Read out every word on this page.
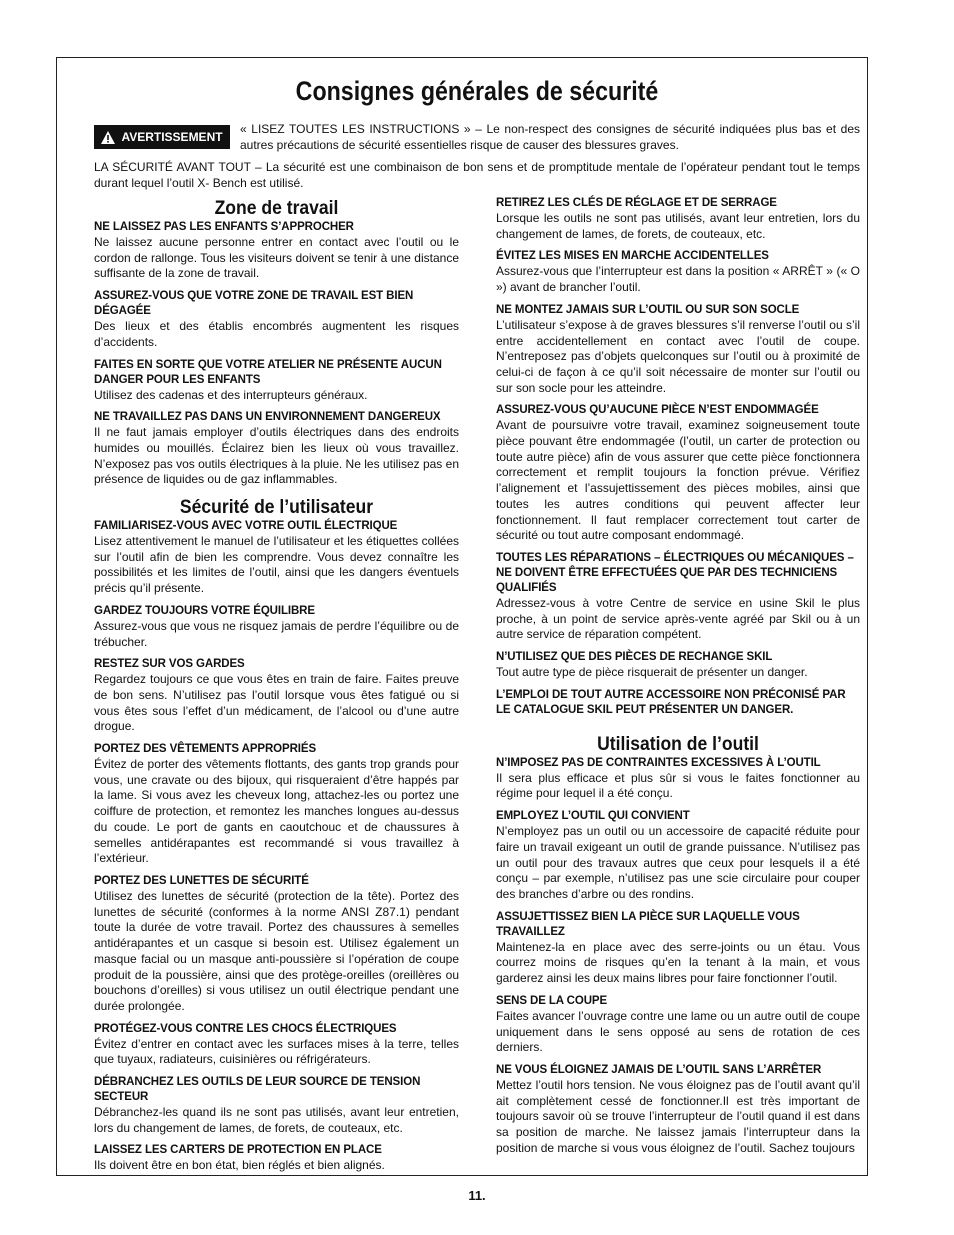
Consignes générales de sécurité
AVERTISSEMENT
« LISEZ TOUTES LES INSTRUCTIONS » – Le non-respect des consignes de sécurité indiquées plus bas et des autres précautions de sécurité essentielles risque de causer des blessures graves.
LA SÉCURITÉ AVANT TOUT – La sécurité est une combinaison de bon sens et de promptitude mentale de l’opérateur pendant tout le temps durant lequel l’outil X- Bench est utilisé.
Zone de travail
NE LAISSEZ PAS LES ENFANTS S’APPROCHER
Ne laissez aucune personne entrer en contact avec l’outil ou le cordon de rallonge. Tous les visiteurs doivent se tenir à une distance suffisante de la zone de travail.
ASSUREZ-VOUS QUE VOTRE ZONE DE TRAVAIL EST BIEN DÉGAGÉE
Des lieux et des établis encombrés augmentent les risques d’accidents.
FAITES EN SORTE QUE VOTRE ATELIER NE PRÉSENTE AUCUN DANGER POUR LES ENFANTS
Utilisez des cadenas et des interrupteurs généraux.
NE TRAVAILLEZ PAS DANS UN ENVIRONNEMENT DANGEREUX
Il ne faut jamais employer d’outils électriques dans des endroits humides ou mouillés. Éclairez bien les lieux où vous travaillez. N’exposez pas vos outils électriques à la pluie. Ne les utilisez pas en présence de liquides ou de gaz inflammables.
Sécurité de l’utilisateur
FAMILIARISEZ-VOUS AVEC VOTRE OUTIL ÉLECTRIQUE
Lisez attentivement le manuel de l’utilisateur et les étiquettes collées sur l’outil afin de bien les comprendre. Vous devez connaître les possibilités et les limites de l’outil, ainsi que les dangers éventuels précis qu’il présente.
GARDEZ TOUJOURS VOTRE ÉQUILIBRE
Assurez-vous que vous ne risquez jamais de perdre l’équilibre ou de trébucher.
RESTEZ SUR VOS GARDES
Regardez toujours ce que vous êtes en train de faire. Faites preuve de bon sens. N’utilisez pas l’outil lorsque vous êtes fatigué ou si vous êtes sous l’effet d’un médicament, de l’alcool ou d’une autre drogue.
PORTEZ DES VÊTEMENTS APPROPRIÉS
Évitez de porter des vêtements flottants, des gants trop grands pour vous, une cravate ou des bijoux, qui risqueraient d’être happés par la lame. Si vous avez les cheveux long, attachez-les ou portez une coiffure de protection, et remontez les manches longues au-dessus du coude. Le port de gants en caoutchouc et de chaussures à semelles antidérapantes est recommandé si vous travaillez à l’extérieur.
PORTEZ DES LUNETTES DE SÉCURITÉ
Utilisez des lunettes de sécurité (protection de la tête). Portez des lunettes de sécurité (conformes à la norme ANSI Z87.1) pendant toute la durée de votre travail. Portez des chaussures à semelles antidérapantes et un casque si besoin est. Utilisez également un masque facial ou un masque anti-poussière si l’opération de coupe produit de la poussière, ainsi que des protège-oreilles (oreillères ou bouchons d’oreilles) si vous utilisez un outil électrique pendant une durée prolongée.
PROTÉGEZ-VOUS CONTRE LES CHOCS ÉLECTRIQUES
Évitez d’entrer en contact avec les surfaces mises à la terre, telles que tuyaux, radiateurs, cuisinières ou réfrigérateurs.
DÉBRANCHEZ LES OUTILS DE LEUR SOURCE DE TENSION SECTEUR
Débranchez-les quand ils ne sont pas utilisés, avant leur entretien, lors du changement de lames, de forets, de couteaux, etc.
LAISSEZ LES CARTERS DE PROTECTION EN PLACE
Ils doivent être en bon état, bien réglés et bien alignés.
RETIREZ LES CLÉS DE RÉGLAGE ET DE SERRAGE
Lorsque les outils ne sont pas utilisés, avant leur entretien, lors du changement de lames, de forets, de couteaux, etc.
ÉVITEZ LES MISES EN MARCHE ACCIDENTELLES
Assurez-vous que l’interrupteur est dans la position « ARRÊT » (« O ») avant de brancher l’outil.
NE MONTEZ JAMAIS SUR L’OUTIL OU SUR SON SOCLE
L’utilisateur s’expose à de graves blessures s’il renverse l’outil ou s’il entre accidentellement en contact avec l’outil de coupe. N’entreposez pas d’objets quelconques sur l’outil ou à proximité de celui-ci de façon à ce qu’il soit nécessaire de monter sur l’outil ou sur son socle pour les atteindre.
ASSUREZ-VOUS QU’AUCUNE PIÈCE N’EST ENDOMMAGÉE
Avant de poursuivre votre travail, examinez soigneusement toute pièce pouvant être endommagée (l’outil, un carter de protection ou toute autre pièce) afin de vous assurer que cette pièce fonctionnera correctement et remplit toujours la fonction prévue. Vérifiez l’alignement et l’assujettissement des pièces mobiles, ainsi que toutes les autres conditions qui peuvent affecter leur fonctionnement. Il faut remplacer correctement tout carter de sécurité ou tout autre composant endommagé.
TOUTES LES RÉPARATIONS – ÉLECTRIQUES OU MÉCANIQUES – NE DOIVENT ÊTRE EFFECTUÉES QUE PAR DES TECHNICIENS QUALIFIÉS
Adressez-vous à votre Centre de service en usine Skil le plus proche, à un point de service après-vente agréé par Skil ou à un autre service de réparation compétent.
N’UTILISEZ QUE DES PIÈCES DE RECHANGE SKIL
Tout autre type de pièce risquerait de présenter un danger.
L’EMPLOI DE TOUT AUTRE ACCESSOIRE NON PRÉCONISÉ PAR LE CATALOGUE SKIL PEUT PRÉSENTER UN DANGER.
Utilisation de l’outil
N’IMPOSEZ PAS DE CONTRAINTES EXCESSIVES À L’OUTIL
Il sera plus efficace et plus sûr si vous le faites fonctionner au régime pour lequel il a été conçu.
EMPLOYEZ L’OUTIL QUI CONVIENT
N’employez pas un outil ou un accessoire de capacité réduite pour faire un travail exigeant un outil de grande puissance. N’utilisez pas un outil pour des travaux autres que ceux pour lesquels il a été conçu – par exemple, n’utilisez pas une scie circulaire pour couper des branches d’arbre ou des rondins.
ASSUJETTISSEZ BIEN LA PIÈCE SUR LAQUELLE VOUS TRAVAILLEZ
Maintenez-la en place avec des serre-joints ou un étau. Vous courrez moins de risques qu’en la tenant à la main, et vous garderez ainsi les deux mains libres pour faire fonctionner l’outil.
SENS DE LA COUPE
Faites avancer l’ouvrage contre une lame ou un autre outil de coupe uniquement dans le sens opposé au sens de rotation de ces derniers.
NE VOUS ÉLOIGNEZ JAMAIS DE L’OUTIL SANS L’ARRÊTER
Mettez l’outil hors tension. Ne vous éloignez pas de l’outil avant qu’il ait complètement cessé de fonctionner.Il est très important de toujours savoir où se trouve l’interrupteur de l’outil quand il est dans sa position de marche. Ne laissez jamais l’interrupteur dans la position de marche si vous vous éloignez de l’outil. Sachez toujours
11.
